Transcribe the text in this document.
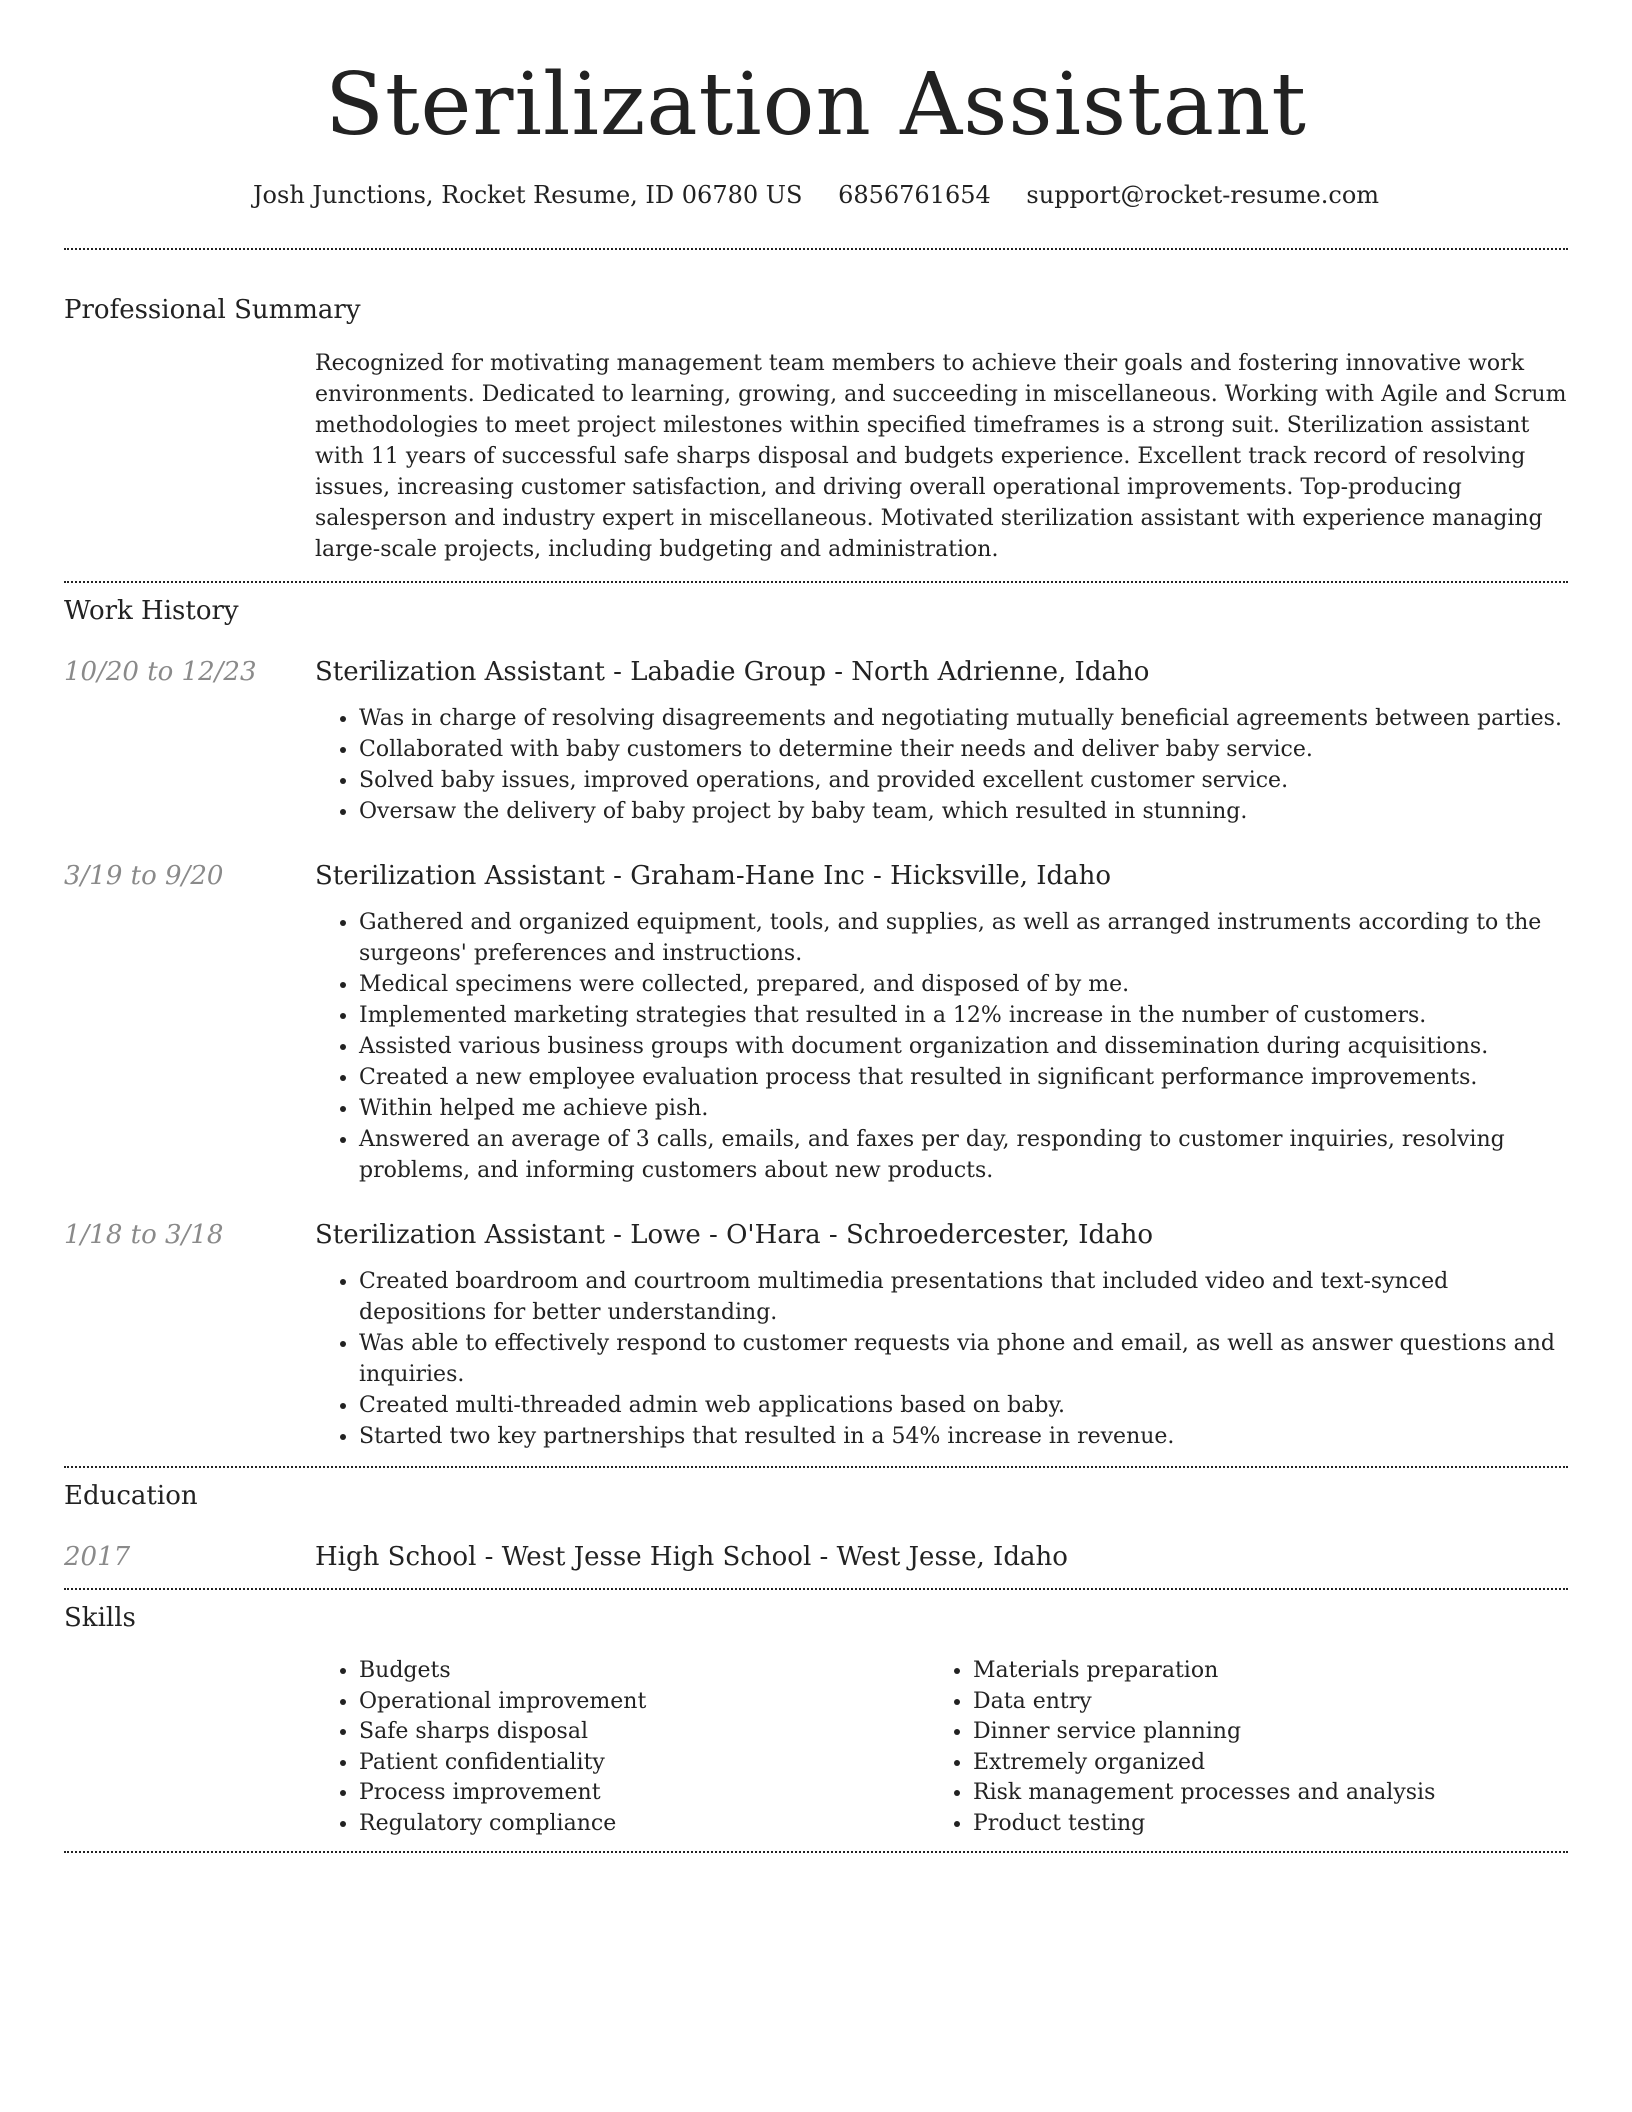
Sterilization Assistant
Josh Junctions, Rocket Resume, ID 06780 US 6856761654 support@rocket-resume.com
Professional Summary
Recognized for motivating management team members to achieve their goals and fostering innovative work environments. Dedicated to learning, growing, and succeeding in miscellaneous. Working with Agile and Scrum methodologies to meet project milestones within specified timeframes is a strong suit. Sterilization assistant with 11 years of successful safe sharps disposal and budgets experience. Excellent track record of resolving issues, increasing customer satisfaction, and driving overall operational improvements. Top-producing salesperson and industry expert in miscellaneous. Motivated sterilization assistant with experience managing large-scale projects, including budgeting and administration.
Work History
10/20 to 12/23	Sterilization Assistant - Labadie Group - North Adrienne, Idaho
• Was in charge of resolving disagreements and negotiating mutually beneficial agreements between parties.
• Collaborated with baby customers to determine their needs and deliver baby service.
• Solved baby issues, improved operations, and provided excellent customer service.
• Oversaw the delivery of baby project by baby team, which resulted in stunning.
3/19 to 9/20	Sterilization Assistant - Graham-Hane Inc - Hicksville, Idaho
• Gathered and organized equipment, tools, and supplies, as well as arranged instruments according to the surgeons' preferences and instructions.
• Medical specimens were collected, prepared, and disposed of by me.
• Implemented marketing strategies that resulted in a 12% increase in the number of customers.
• Assisted various business groups with document organization and dissemination during acquisitions.
• Created a new employee evaluation process that resulted in significant performance improvements.
• Within helped me achieve pish.
• Answered an average of 3 calls, emails, and faxes per day, responding to customer inquiries, resolving problems, and informing customers about new products.
1/18 to 3/18	Sterilization Assistant - Lowe - O'Hara - Schroedercester, Idaho
• Created boardroom and courtroom multimedia presentations that included video and text-synced depositions for better understanding.
• Was able to effectively respond to customer requests via phone and email, as well as answer questions and inquiries.
• Created multi-threaded admin web applications based on baby.
• Started two key partnerships that resulted in a 54% increase in revenue.
Education
2017	High School - West Jesse High School - West Jesse, Idaho
Skills
• Budgets
• Operational improvement
• Safe sharps disposal
• Patient confidentiality
• Process improvement
• Regulatory compliance
• Materials preparation
• Data entry
• Dinner service planning
• Extremely organized
• Risk management processes and analysis
• Product testing
